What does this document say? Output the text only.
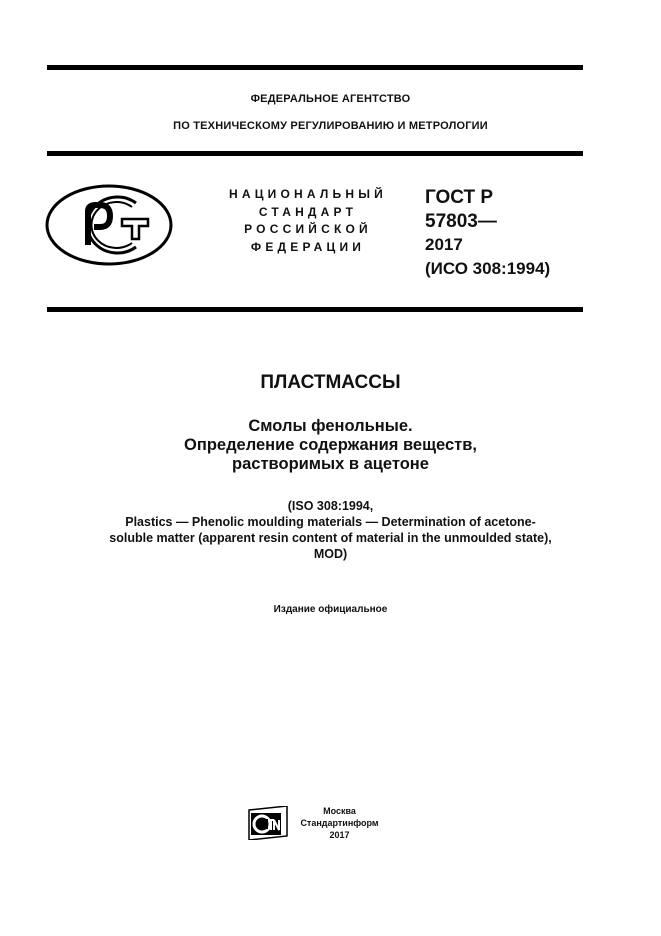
ФЕДЕРАЛЬНОЕ АГЕНТСТВО
ПО ТЕХНИЧЕСКОМУ РЕГУЛИРОВАНИЮ И МЕТРОЛОГИИ
НАЦИОНАЛЬНЫЙ
СТАНДАРТ
РОССИЙСКОЙ
ФЕДЕРАЦИИ
ГОСТ Р
57803—
2017
(ИСО 308:1994)
ПЛАСТМАССЫ
Смолы фенольные.
Определение содержания веществ,
растворимых в ацетоне
(ISO 308:1994,
Plastics — Phenolic moulding materials — Determination of acetone-
soluble matter (apparent resin content of material in the unmoulded state),
MOD)
Издание официальное
Москва
Стандартинформ
2017
